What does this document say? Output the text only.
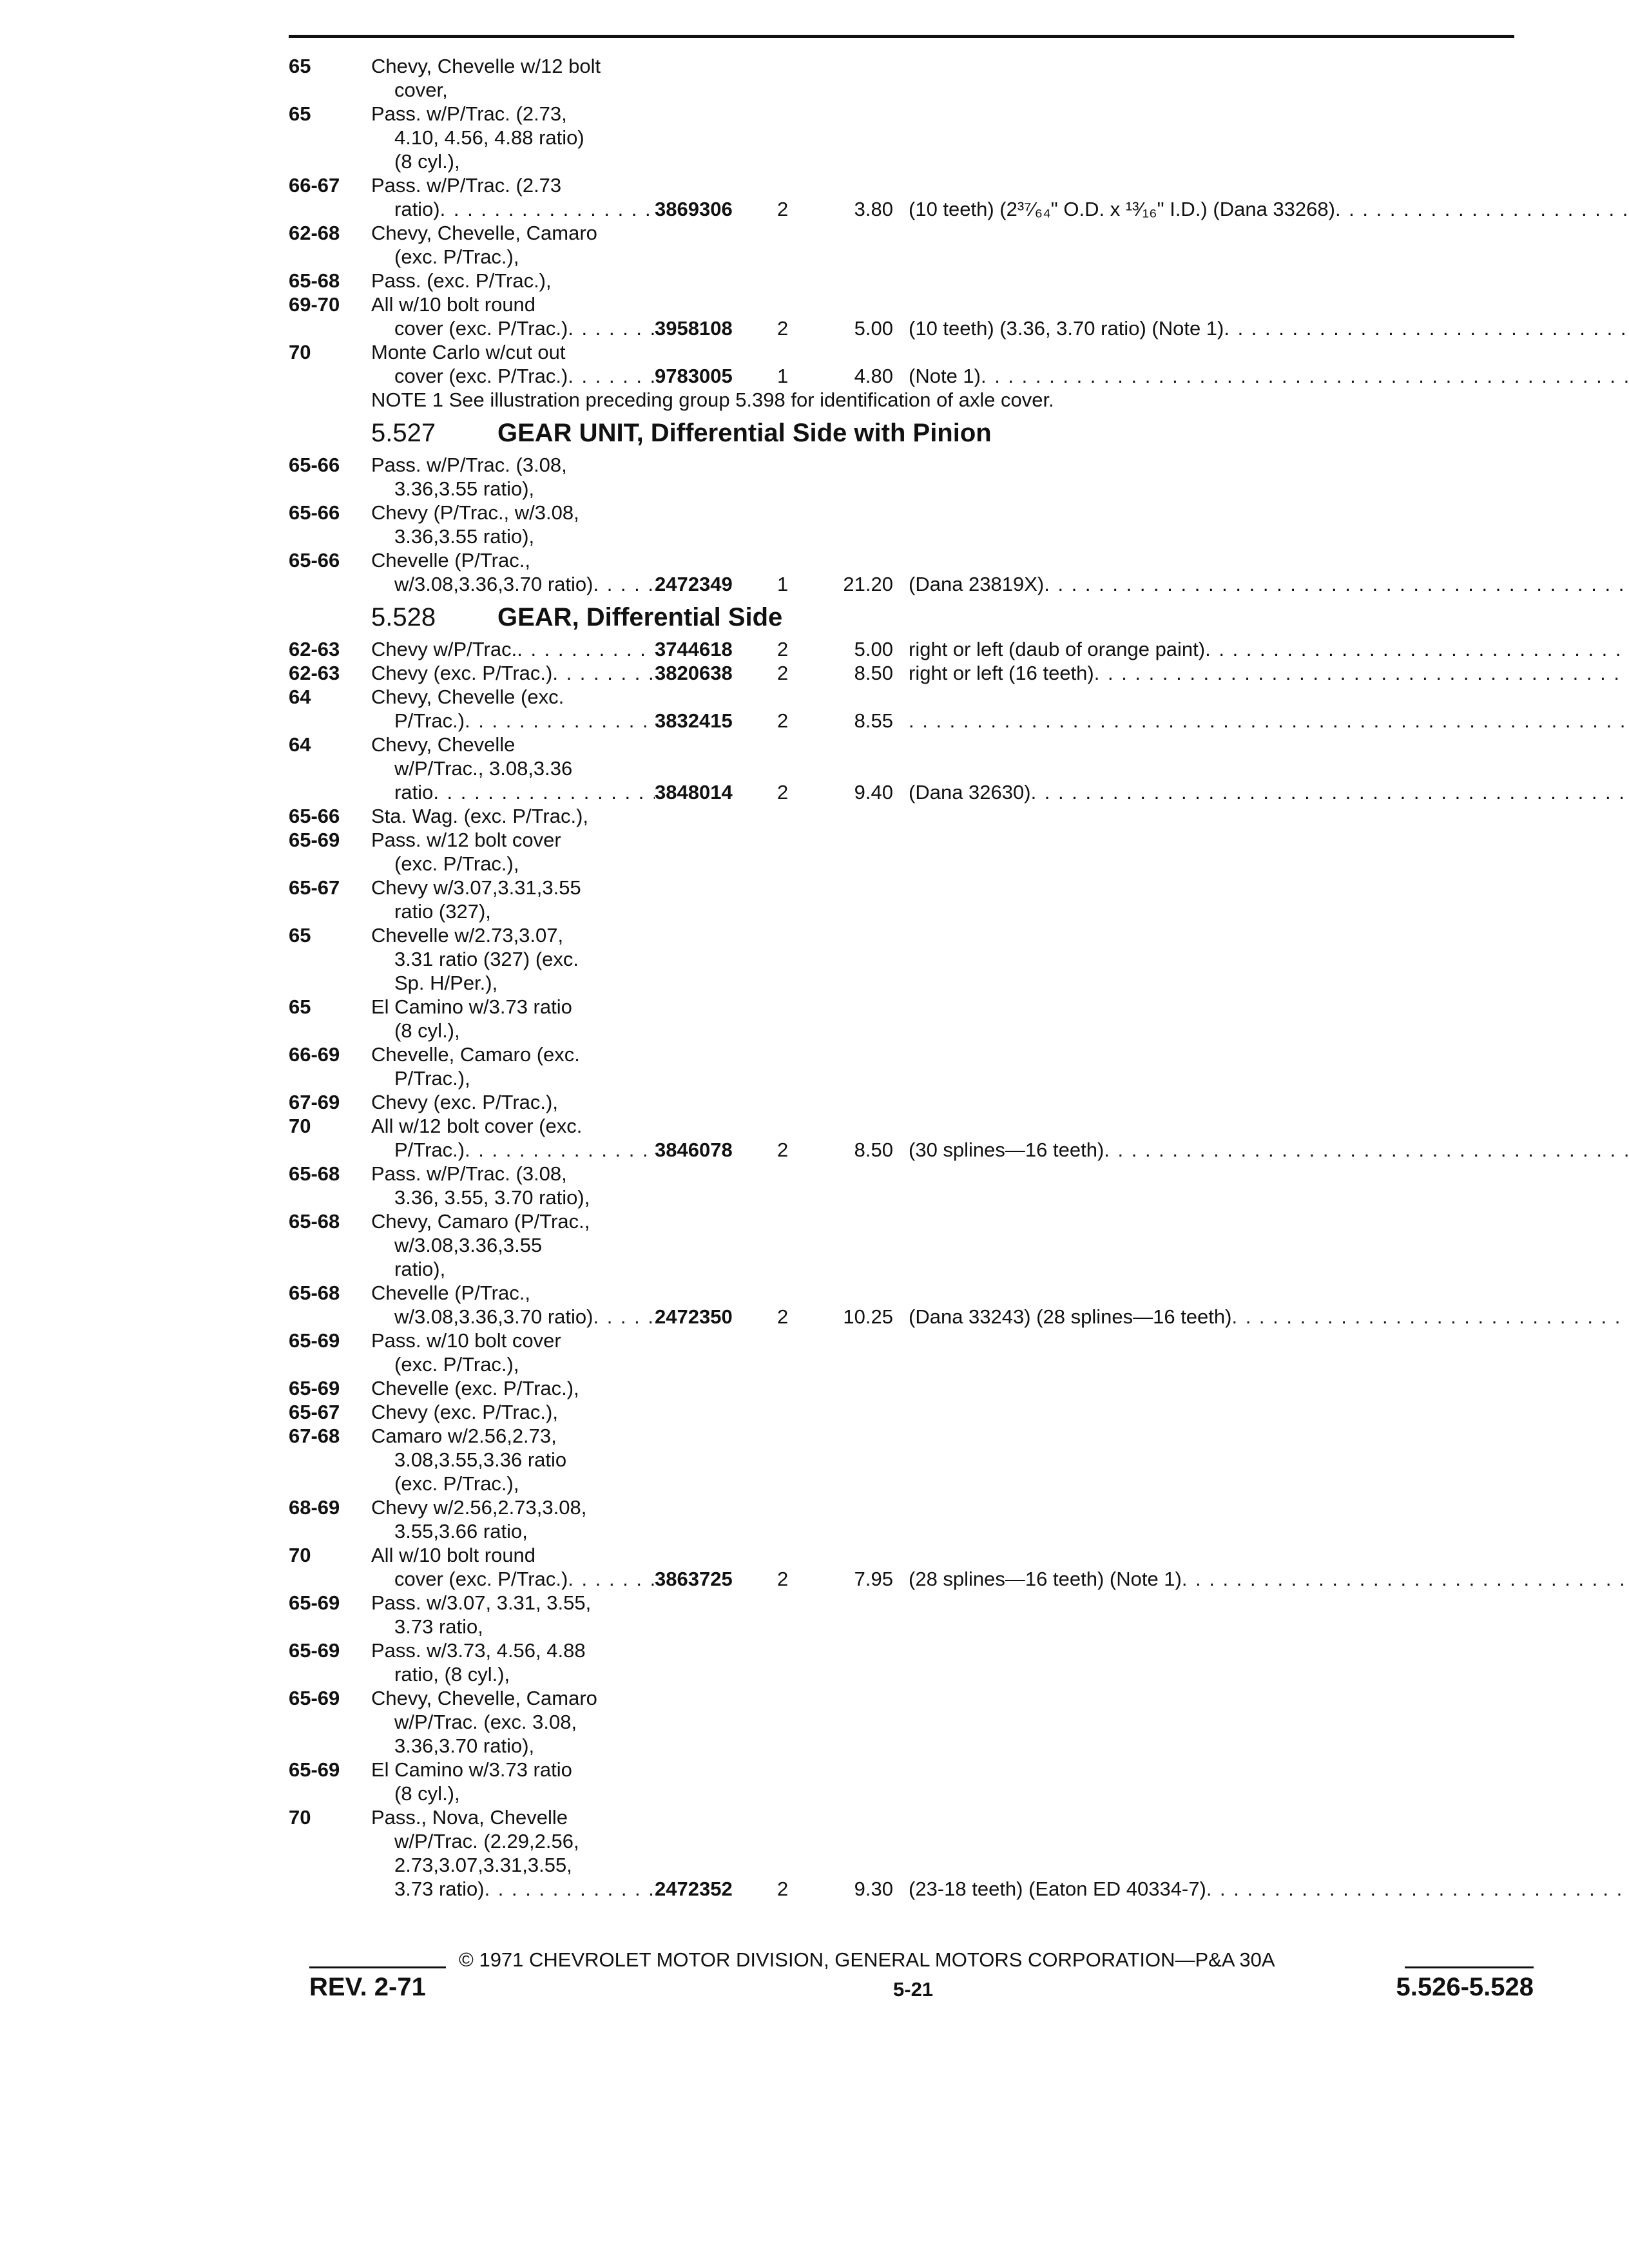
65	Chevy, Chevelle w/12 bolt
cover,
65	Pass. w/P/Trac. (2.73,
4.10, 4.56, 4.88 ratio)
(8 cyl.),
66-67	Pass. w/P/Trac. (2.73
ratio) . . .	3869306	2	3.80 (10 teeth) (2³⁷⁄₆₄" O.D. x ¹³⁄₁₆" I.D.) (Dana 33268)
. . .
62-68	Chevy, Chevelle, Camaro
(exc. P/Trac.),
65-68	Pass. (exc. P/Trac.),
69-70	All w/10 bolt round
cover (exc. P/Trac.) . . .	3958108	2	5.00 (10 teeth) (3.36, 3.70 ratio) (Note 1)
. . .
70	Monte Carlo w/cut out
cover (exc. P/Trac.) . . .	9783005	1	4.80 (Note 1)
. . .
NOTE 1 See illustration preceding group 5.398 for identification of axle cover.
5.527 GEAR UNIT, Differential Side with Pinion
65-66	Pass. w/P/Trac. (3.08,
3.36,3.55 ratio),
65-66	Chevy (P/Trac., w/3.08,
3.36,3.55 ratio),
65-66	Chevelle (P/Trac.,
w/3.08,3.36,3.70 ratio) . . .	2472349	1	21.20 (Dana 23819X)
. . .
5.528 GEAR, Differential Side
62-63	Chevy w/P/Trac. . . .	3744618	2	5.00 right or left (daub of orange paint)
. . .
62-63	Chevy (exc. P/Trac.) . . .	3820638	2	8.50 right or left (16 teeth)
. . .
64	Chevy, Chevelle (exc.
P/Trac.) . . .	3832415	2	8.55
. . .
64	Chevy, Chevelle
w/P/Trac., 3.08,3.36
ratio . . .	3848014	2	9.40 (Dana 32630)
. . .
65-66	Sta. Wag. (exc. P/Trac.),
65-69	Pass. w/12 bolt cover
(exc. P/Trac.),
65-67	Chevy w/3.07,3.31,3.55
ratio (327),
65	Chevelle w/2.73,3.07,
3.31 ratio (327) (exc.
Sp. H/Per.),
65	El Camino w/3.73 ratio
(8 cyl.),
66-69	Chevelle, Camaro (exc.
P/Trac.),
67-69	Chevy (exc. P/Trac.),
70	All w/12 bolt cover (exc.
P/Trac.) . . .	3846078	2	8.50 (30 splines—16 teeth)
. . .
65-68	Pass. w/P/Trac. (3.08,
3.36, 3.55, 3.70 ratio),
65-68	Chevy, Camaro (P/Trac.,
w/3.08,3.36,3.55
ratio),
65-68	Chevelle (P/Trac.,
w/3.08,3.36,3.70 ratio) . . .	2472350	2	10.25 (Dana 33243) (28 splines—16 teeth)
. . .
65-69	Pass. w/10 bolt cover
(exc. P/Trac.),
65-69	Chevelle (exc. P/Trac.),
65-67	Chevy (exc. P/Trac.),
67-68	Camaro w/2.56,2.73,
3.08,3.55,3.36 ratio
(exc. P/Trac.),
68-69	Chevy w/2.56,2.73,3.08,
3.55,3.66 ratio,
70	All w/10 bolt round
cover (exc. P/Trac.) . . .	3863725	2	7.95 (28 splines—16 teeth) (Note 1)
. . .
65-69	Pass. w/3.07, 3.31, 3.55,
3.73 ratio,
65-69	Pass. w/3.73, 4.56, 4.88
ratio, (8 cyl.),
65-69	Chevy, Chevelle, Camaro
w/P/Trac. (exc. 3.08,
3.36,3.70 ratio),
65-69	El Camino w/3.73 ratio
(8 cyl.),
70	Pass., Nova, Chevelle
w/P/Trac. (2.29,2.56,
2.73,3.07,3.31,3.55,
3.73 ratio) . . .	2472352	2	9.30 (23-18 teeth) (Eaton ED 40334-7)
. . .
© 1971 CHEVROLET MOTOR DIVISION, GENERAL MOTORS CORPORATION—P&A 30A
REV. 2-71	5-21	5.526-5.528
